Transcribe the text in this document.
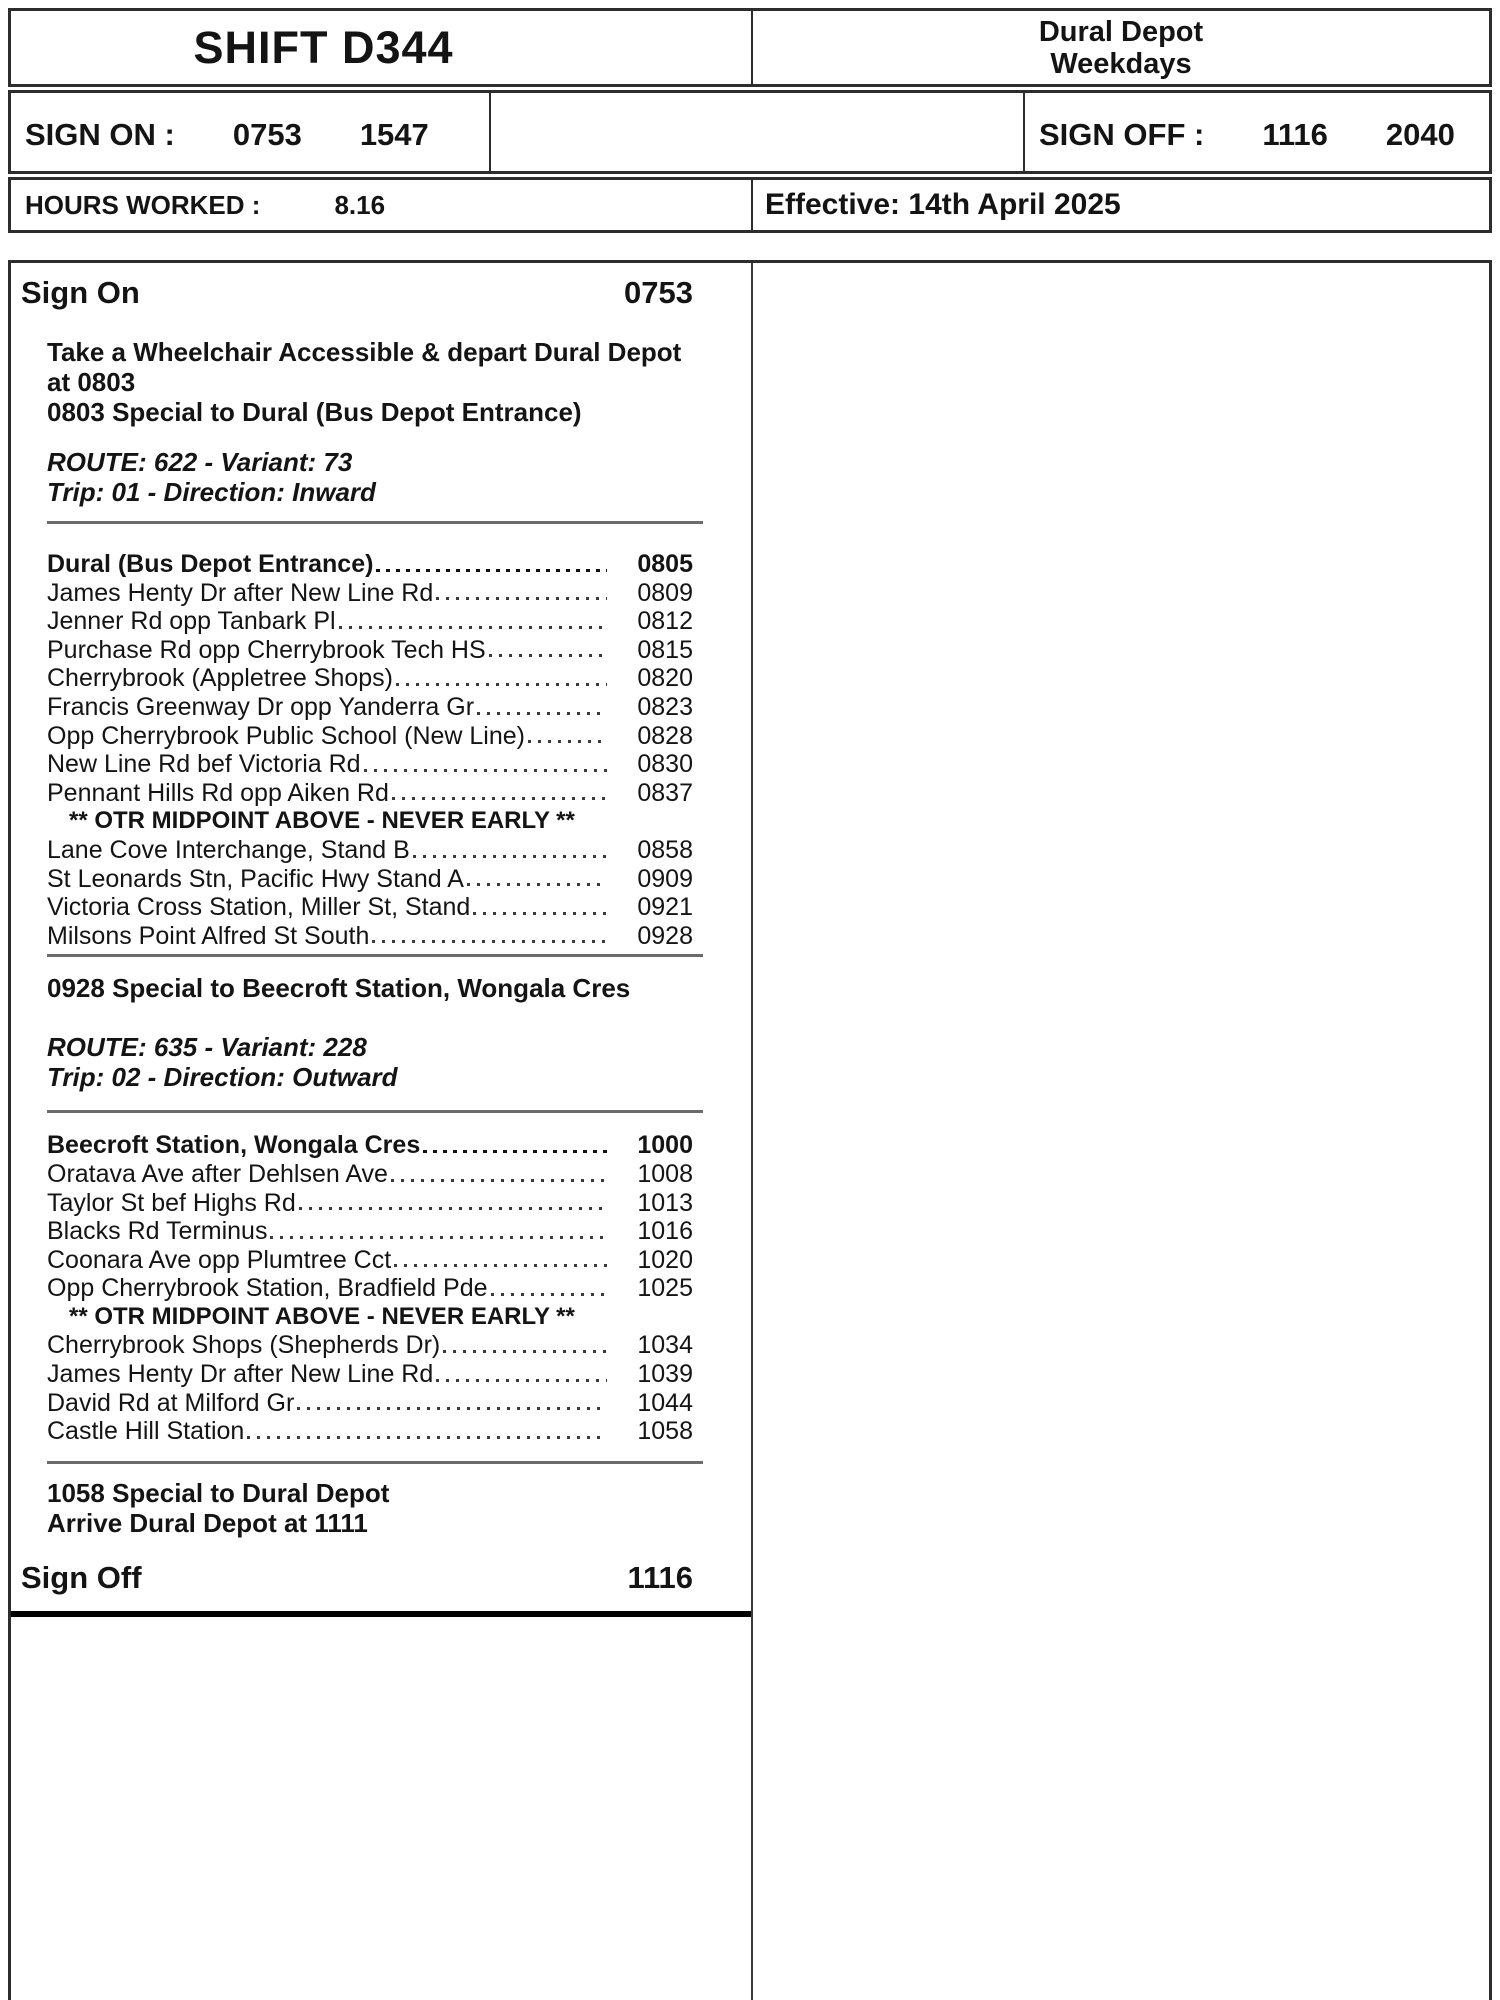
SHIFT D344	Dural Depot
Weekdays
SIGN ON : 0753 1547	SIGN OFF : 1116 2040
HOURS WORKED :	8.16	Effective: 14th April 2025
Sign On	0753
Take a Wheelchair Accessible & depart Dural Depot at 0803
0803 Special to Dural (Bus Depot Entrance)
ROUTE: 622 - Variant: 73
Trip: 01 - Direction: Inward
Dural (Bus Depot Entrance)	0805
James Henty Dr after New Line Rd	0809
Jenner Rd opp Tanbark Pl	0812
Purchase Rd opp Cherrybrook Tech HS	0815
Cherrybrook (Appletree Shops)	0820
Francis Greenway Dr opp Yanderra Gr	0823
Opp Cherrybrook Public School (New Line)	0828
New Line Rd bef Victoria Rd	0830
Pennant Hills Rd opp Aiken Rd	0837
** OTR MIDPOINT ABOVE - NEVER EARLY **
Lane Cove Interchange, Stand B	0858
St Leonards Stn, Pacific Hwy Stand A	0909
Victoria Cross Station, Miller St, Stand	0921
Milsons Point Alfred St South	0928
0928 Special to Beecroft Station, Wongala Cres
ROUTE: 635 - Variant: 228
Trip: 02 - Direction: Outward
Beecroft Station, Wongala Cres	1000
Oratava Ave after Dehlsen Ave	1008
Taylor St bef Highs Rd	1013
Blacks Rd Terminus	1016
Coonara Ave opp Plumtree Cct	1020
Opp Cherrybrook Station, Bradfield Pde	1025
** OTR MIDPOINT ABOVE - NEVER EARLY **
Cherrybrook Shops (Shepherds Dr)	1034
James Henty Dr after New Line Rd	1039
David Rd at Milford Gr	1044
Castle Hill Station	1058
1058 Special to Dural Depot
Arrive Dural Depot at 1111
Sign Off	1116
